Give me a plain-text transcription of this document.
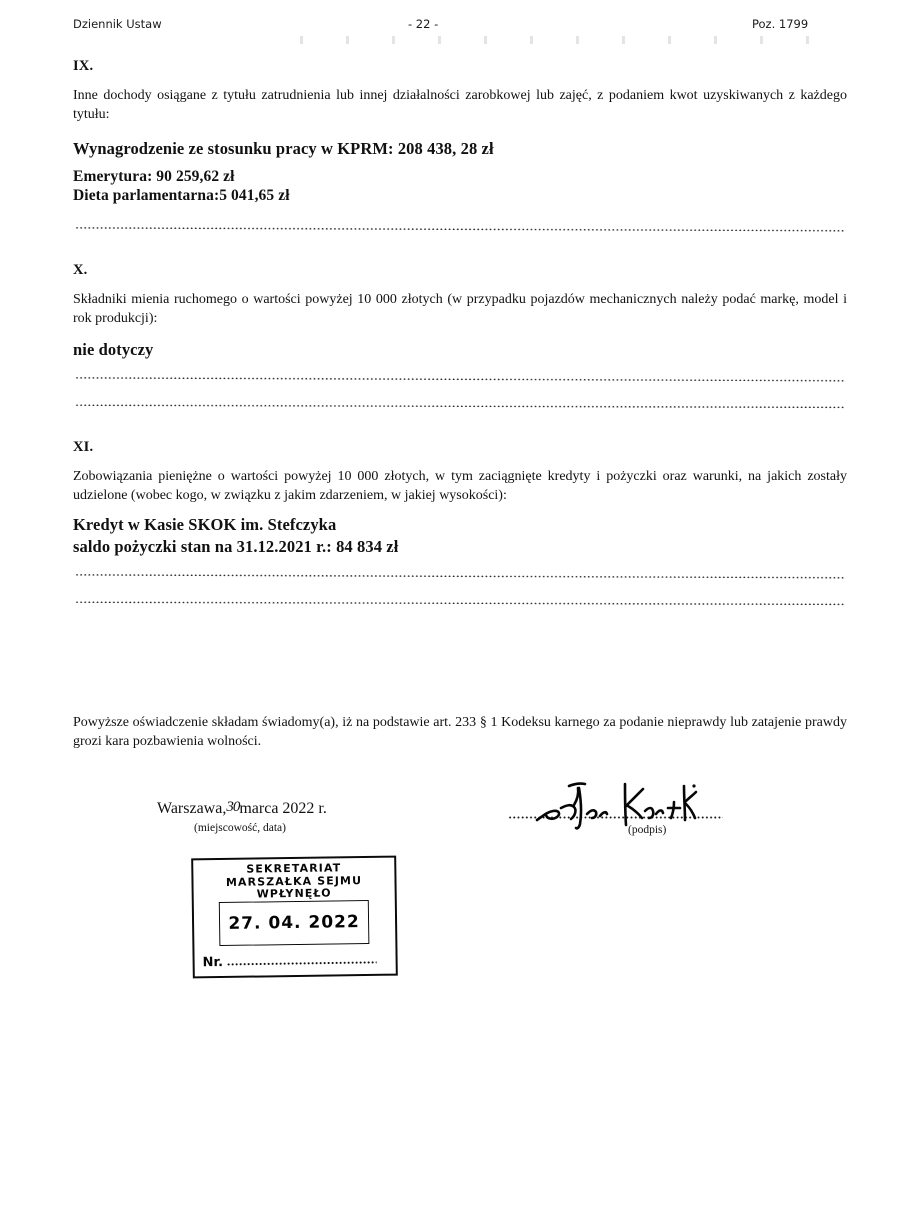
Dziennik Ustaw	- 22 -	Poz. 1799
IX.
Inne dochody osiągane z tytułu zatrudnienia lub innej działalności zarobkowej lub zajęć, z podaniem kwot uzyskiwanych z każdego tytułu:
Wynagrodzenie ze stosunku pracy w KPRM: 208 438, 28 zł
Emerytura: 90 259,62 zł
Dieta parlamentarna:5 041,65 zł
X.
Składniki mienia ruchomego o wartości powyżej 10 000 złotych (w przypadku pojazdów mechanicznych należy podać markę, model i rok produkcji):
nie dotyczy
XI.
Zobowiązania pieniężne o wartości powyżej 10 000 złotych, w tym zaciągnięte kredyty i pożyczki oraz warunki, na jakich zostały udzielone (wobec kogo, w związku z jakim zdarzeniem, w jakiej wysokości):
Kredyt w Kasie SKOK im. Stefczyka
saldo pożyczki stan na 31.12.2021 r.: 84 834 zł
Powyższe oświadczenie składam świadomy(a), iż na podstawie art. 233 § 1 Kodeksu karnego za podanie nieprawdy lub zatajenie prawdy grozi kara pozbawienia wolności.
Warszawa,30marca 2022 r.
(miejscowość, data)	(podpis)
SEKRETARIAT
MARSZAŁKA SEJMU
WPŁYNĘŁO
27. 04. 2022
Nr.
